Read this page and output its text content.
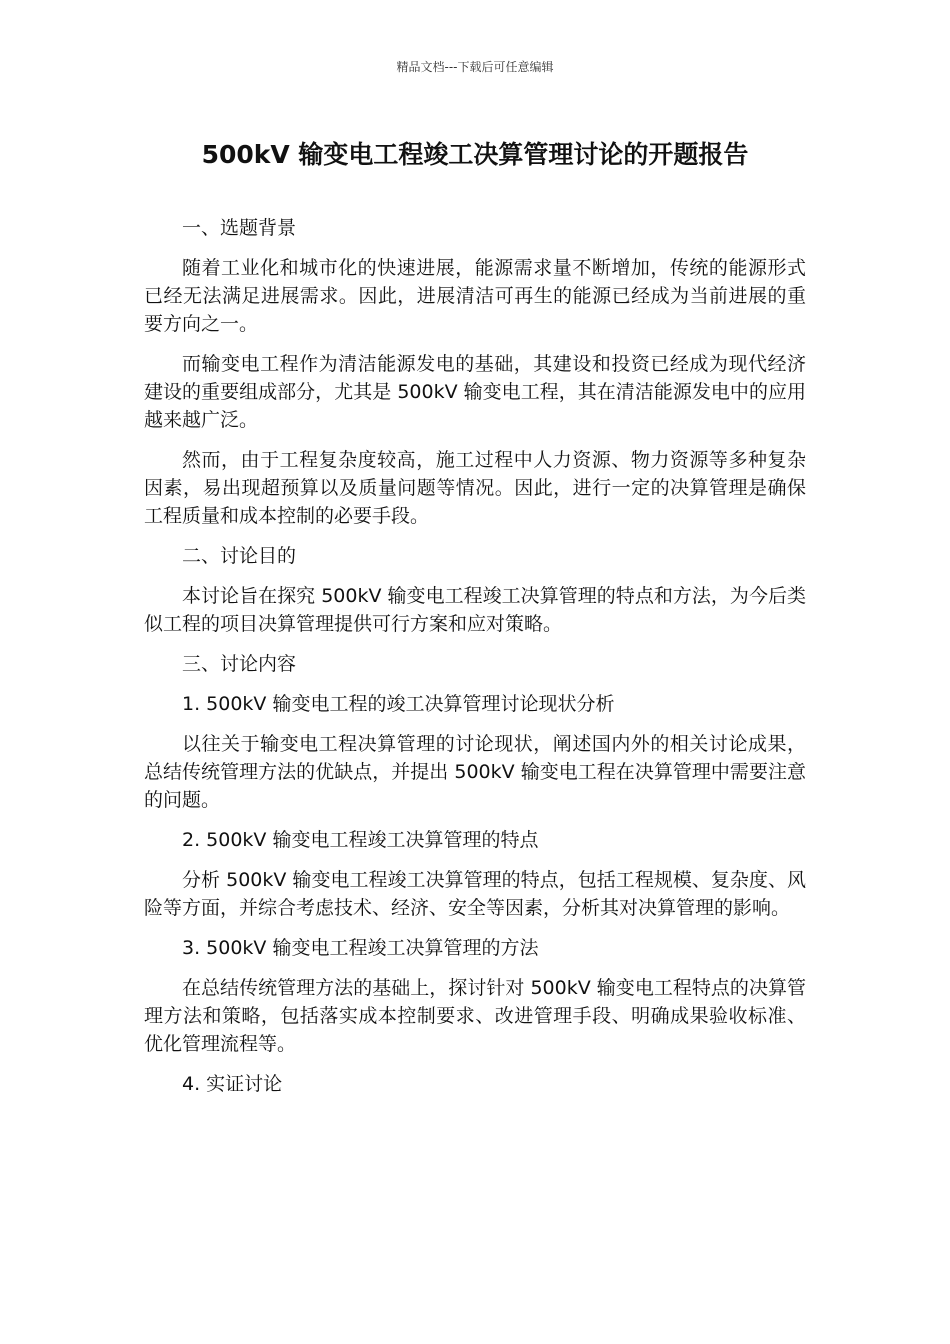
精品文档---下载后可任意编辑
500kV 输变电工程竣工决算管理讨论的开题报告

一、选题背景

随着工业化和城市化的快速进展，能源需求量不断增加，传统的能源形式已经无法满足进展需求。因此，进展清洁可再生的能源已经成为当前进展的重要方向之一。

而输变电工程作为清洁能源发电的基础，其建设和投资已经成为现代经济建设的重要组成部分，尤其是 500kV 输变电工程，其在清洁能源发电中的应用越来越广泛。

然而，由于工程复杂度较高，施工过程中人力资源、物力资源等多种复杂因素，易出现超预算以及质量问题等情况。因此，进行一定的决算管理是确保工程质量和成本控制的必要手段。

二、讨论目的

本讨论旨在探究 500kV 输变电工程竣工决算管理的特点和方法，为今后类似工程的项目决算管理提供可行方案和应对策略。

三、讨论内容

1. 500kV 输变电工程的竣工决算管理讨论现状分析

以往关于输变电工程决算管理的讨论现状，阐述国内外的相关讨论成果，总结传统管理方法的优缺点，并提出 500kV 输变电工程在决算管理中需要注意的问题。

2. 500kV 输变电工程竣工决算管理的特点

分析 500kV 输变电工程竣工决算管理的特点，包括工程规模、复杂度、风险等方面，并综合考虑技术、经济、安全等因素，分析其对决算管理的影响。

3. 500kV 输变电工程竣工决算管理的方法

在总结传统管理方法的基础上，探讨针对 500kV 输变电工程特点的决算管理方法和策略，包括落实成本控制要求、改进管理手段、明确成果验收标准、优化管理流程等。

4. 实证讨论
